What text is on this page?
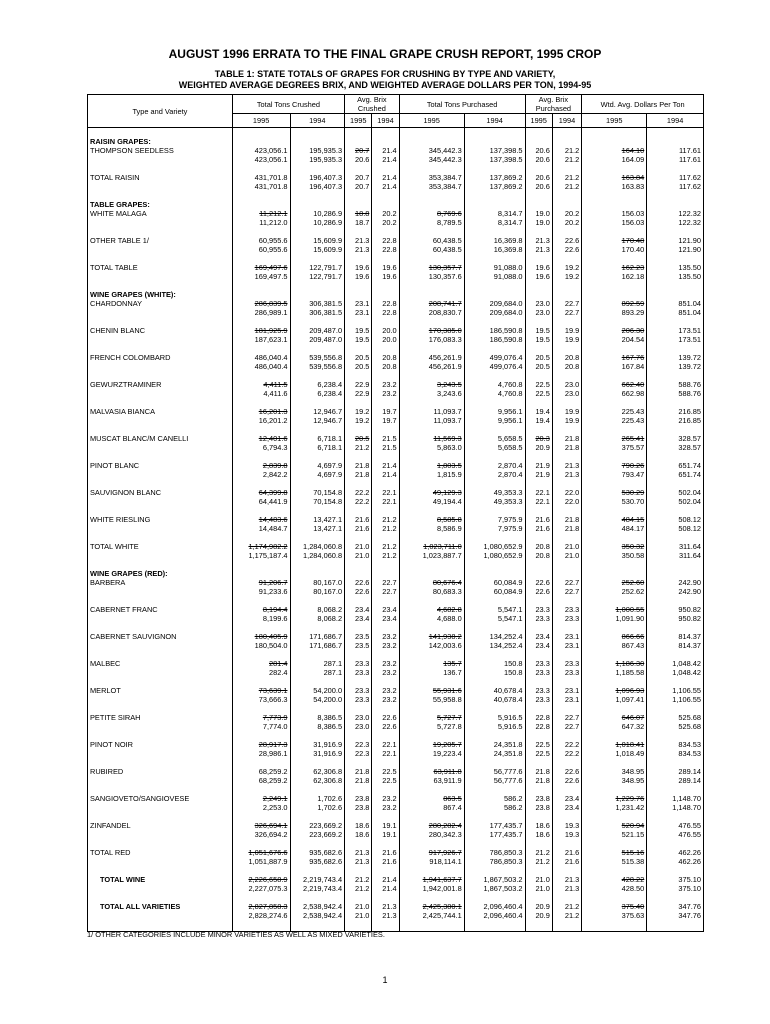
AUGUST 1996 ERRATA TO THE FINAL GRAPE CRUSH REPORT, 1995 CROP
TABLE 1: STATE TOTALS OF GRAPES FOR CRUSHING BY TYPE AND VARIETY,
WEIGHTED AVERAGE DEGREES BRIX, AND WEIGHTED AVERAGE DOLLARS PER TON, 1994-95
Type and Variety	Total Tons Crushed		Avg. Brix Crushed		Total Tons Purchased		Avg. Brix Purchased		Wtd. Avg. Dollars Per Ton	
	1995	1994	1995	1994	1995	1994	1995	1994	1995	1994

RAISIN GRAPES:										
THOMPSON SEEDLESS	423,056.1	195,935.3	20.7	21.4	345,442.3	137,398.5	20.6	21.2	164.10	117.61
	423,056.1	195,935.3	20.6	21.4	345,442.3	137,398.5	20.6	21.2	164.09	117.61

TOTAL RAISIN	431,701.8	196,407.3	20.7	21.4	353,384.7	137,869.2	20.6	21.2	163.84	117.62
	431,701.8	196,407.3	20.7	21.4	353,384.7	137,869.2	20.6	21.2	163.83	117.62

TABLE GRAPES:										
WHITE MALAGA	11,212.1	10,286.9	18.8	20.2	8,769.6	8,314.7	19.0	20.2	156.03	122.32
	11,212.0	10,286.9	18.7	20.2	8,789.5	8,314.7	19.0	20.2	156.03	122.32

OTHER TABLE 1/	60,955.6	15,609.9	21.3	22.8	60,438.5	16,369.8	21.3	22.6	170.48	121.90
	60,955.6	15,609.9	21.3	22.8	60,438.5	16,369.8	21.3	22.6	170.40	121.90

TOTAL TABLE	169,497.6	122,791.7	19.6	19.6	130,357.7	91,088.0	19.6	19.2	162.23	135.50
	169,497.5	122,791.7	19.6	19.6	130,357.6	91,088.0	19.6	19.2	162.18	135.50

WINE GRAPES (WHITE):										
CHARDONNAY	286,839.5	306,381.5	23.1	22.8	208,741.7	209,684.0	23.0	22.7	892.59	851.04
	286,989.1	306,381.5	23.1	22.8	208,830.7	209,684.0	23.0	22.7	893.29	851.04

CHENIN BLANC	181,925.9	209,487.0	19.5	20.0	170,385.0	186,590.8	19.5	19.9	206.30	173.51
	187,623.1	209,487.0	19.5	20.0	176,083.3	186,590.8	19.5	19.9	204.54	173.51

FRENCH COLOMBARD	486,040.4	539,556.8	20.5	20.8	456,261.9	499,076.4	20.5	20.8	167.76	139.72
	486,040.4	539,556.8	20.5	20.8	456,261.9	499,076.4	20.5	20.8	167.84	139.72

GEWURZTRAMINER	4,411.5	6,238.4	22.9	23.2	3,243.5	4,760.8	22.5	23.0	662.40	588.76
	4,411.6	6,238.4	22.9	23.2	3,243.6	4,760.8	22.5	23.0	662.98	588.76

MALVASIA BIANCA	16,201.3	12,946.7	19.2	19.7	11,093.7	9,956.1	19.4	19.9	225.43	216.85
	16,201.2	12,946.7	19.2	19.7	11,093.7	9,956.1	19.4	19.9	225.43	216.85

MUSCAT BLANC/M CANELLI	12,401.6	6,718.1	20.5	21.5	11,569.3	5,658.5	20.3	21.8	265.41	328.57
	6,794.3	6,718.1	21.2	21.5	5,863.0	5,658.5	20.9	21.8	375.57	328.57

PINOT BLANC	2,839.8	4,697.9	21.8	21.4	1,803.5	2,870.4	21.9	21.3	790.26	651.74
	2,842.2	4,697.9	21.8	21.4	1,815.9	2,870.4	21.9	21.3	793.47	651.74

SAUVIGNON BLANC	64,399.8	70,154.8	22.2	22.1	49,129.3	49,353.3	22.1	22.0	530.29	502.04
	64,441.9	70,154.8	22.2	22.1	49,194.4	49,353.3	22.1	22.0	530.70	502.04

WHITE RIESLING	14,483.6	13,427.1	21.6	21.2	8,585.8	7,975.9	21.6	21.8	484.15	508.12
	14,484.7	13,427.1	21.6	21.2	8,586.9	7,975.9	21.6	21.8	484.17	508.12

TOTAL WHITE	1,174,982.2	1,284,060.8	21.0	21.2	1,023,711.0	1,080,652.9	20.8	21.0	350.32	311.64
	1,175,187.4	1,284,060.8	21.0	21.2	1,023,887.7	1,080,652.9	20.8	21.0	350.58	311.64

WINE GRAPES (RED):										
BARBERA	91,206.7	80,167.0	22.6	22.7	80,676.4	60,084.9	22.6	22.7	252.60	242.90
	91,233.6	80,167.0	22.6	22.7	80,683.3	60,084.9	22.6	22.7	252.62	242.90

CABERNET FRANC	8,194.4	8,068.2	23.4	23.4	4,682.8	5,547.1	23.3	23.3	1,000.55	950.82
	8,199.6	8,068.2	23.4	23.4	4,688.0	5,547.1	23.3	23.3	1,091.90	950.82

CABERNET SAUVIGNON	180,405.9	171,686.7	23.5	23.2	141,938.2	134,252.4	23.4	23.1	866.66	814.37
	180,504.0	171,686.7	23.5	23.2	142,003.6	134,252.4	23.4	23.1	867.43	814.37

MALBEC	281.4	287.1	23.3	23.2	135.7	150.8	23.3	23.3	1,186.30	1,048.42
	282.4	287.1	23.3	23.2	136.7	150.8	23.3	23.3	1,185.58	1,048.42

MERLOT	73,639.1	54,200.0	23.3	23.2	55,931.6	40,678.4	23.3	23.1	1,096.93	1,106.55
	73,666.3	54,200.0	23.3	23.2	55,958.8	40,678.4	23.3	23.1	1,097.41	1,106.55

PETITE SIRAH	7,773.9	8,386.5	23.0	22.6	5,727.7	5,916.5	22.8	22.7	646.07	525.68
	7,774.0	8,386.5	23.0	22.6	5,727.8	5,916.5	22.8	22.7	647.32	525.68

PINOT NOIR	28,917.3	31,916.9	22.3	22.1	19,205.7	24,351.8	22.5	22.2	1,018.41	834.53
	28,986.1	31,916.9	22.3	22.1	19,223.4	24,351.8	22.5	22.2	1,018.49	834.53

RUBIRED	68,259.2	62,306.8	21.8	22.5	63,911.8	56,777.6	21.8	22.6	348.95	289.14
	68,259.2	62,306.8	21.8	22.5	63,911.9	56,777.6	21.8	22.6	348.95	289.14

SANGIOVETO/SANGIOVESE	2,249.1	1,702.6	23.8	23.2	863.5	586.2	23.8	23.4	1,229.76	1,148.70
	2,253.0	1,702.6	23.8	23.2	867.4	586.2	23.8	23.4	1,231.42	1,148.70

ZINFANDEL	326,694.1	223,669.2	18.6	19.1	280,282.4	177,435.7	18.6	19.3	520.94	476.55
	326,694.2	223,669.2	18.6	19.1	280,342.3	177,435.7	18.6	19.3	521.15	476.55

TOTAL RED	1,051,676.6	935,682.6	21.3	21.6	917,926.7	786,850.3	21.2	21.6	515.16	462.26
	1,051,887.9	935,682.6	21.3	21.6	918,114.1	786,850.3	21.2	21.6	515.38	462.26

TOTAL WINE	2,226,658.9	2,219,743.4	21.2	21.4	1,941,637.7	1,867,503.2	21.0	21.3	428.22	375.10
	2,227,075.3	2,219,743.4	21.2	21.4	1,942,001.8	1,867,503.2	21.0	21.3	428.50	375.10

TOTAL ALL VARIETIES	2,827,858.3	2,538,942.4	21.0	21.3	2,425,380.1	2,096,460.4	20.9	21.2	375.40	347.76
	2,828,274.6	2,538,942.4	21.0	21.3	2,425,744.1	2,096,460.4	20.9	21.2	375.63	347.76

1/ OTHER CATEGORIES INCLUDE MINOR VARIETIES AS WELL AS MIXED VARIETIES.
1
